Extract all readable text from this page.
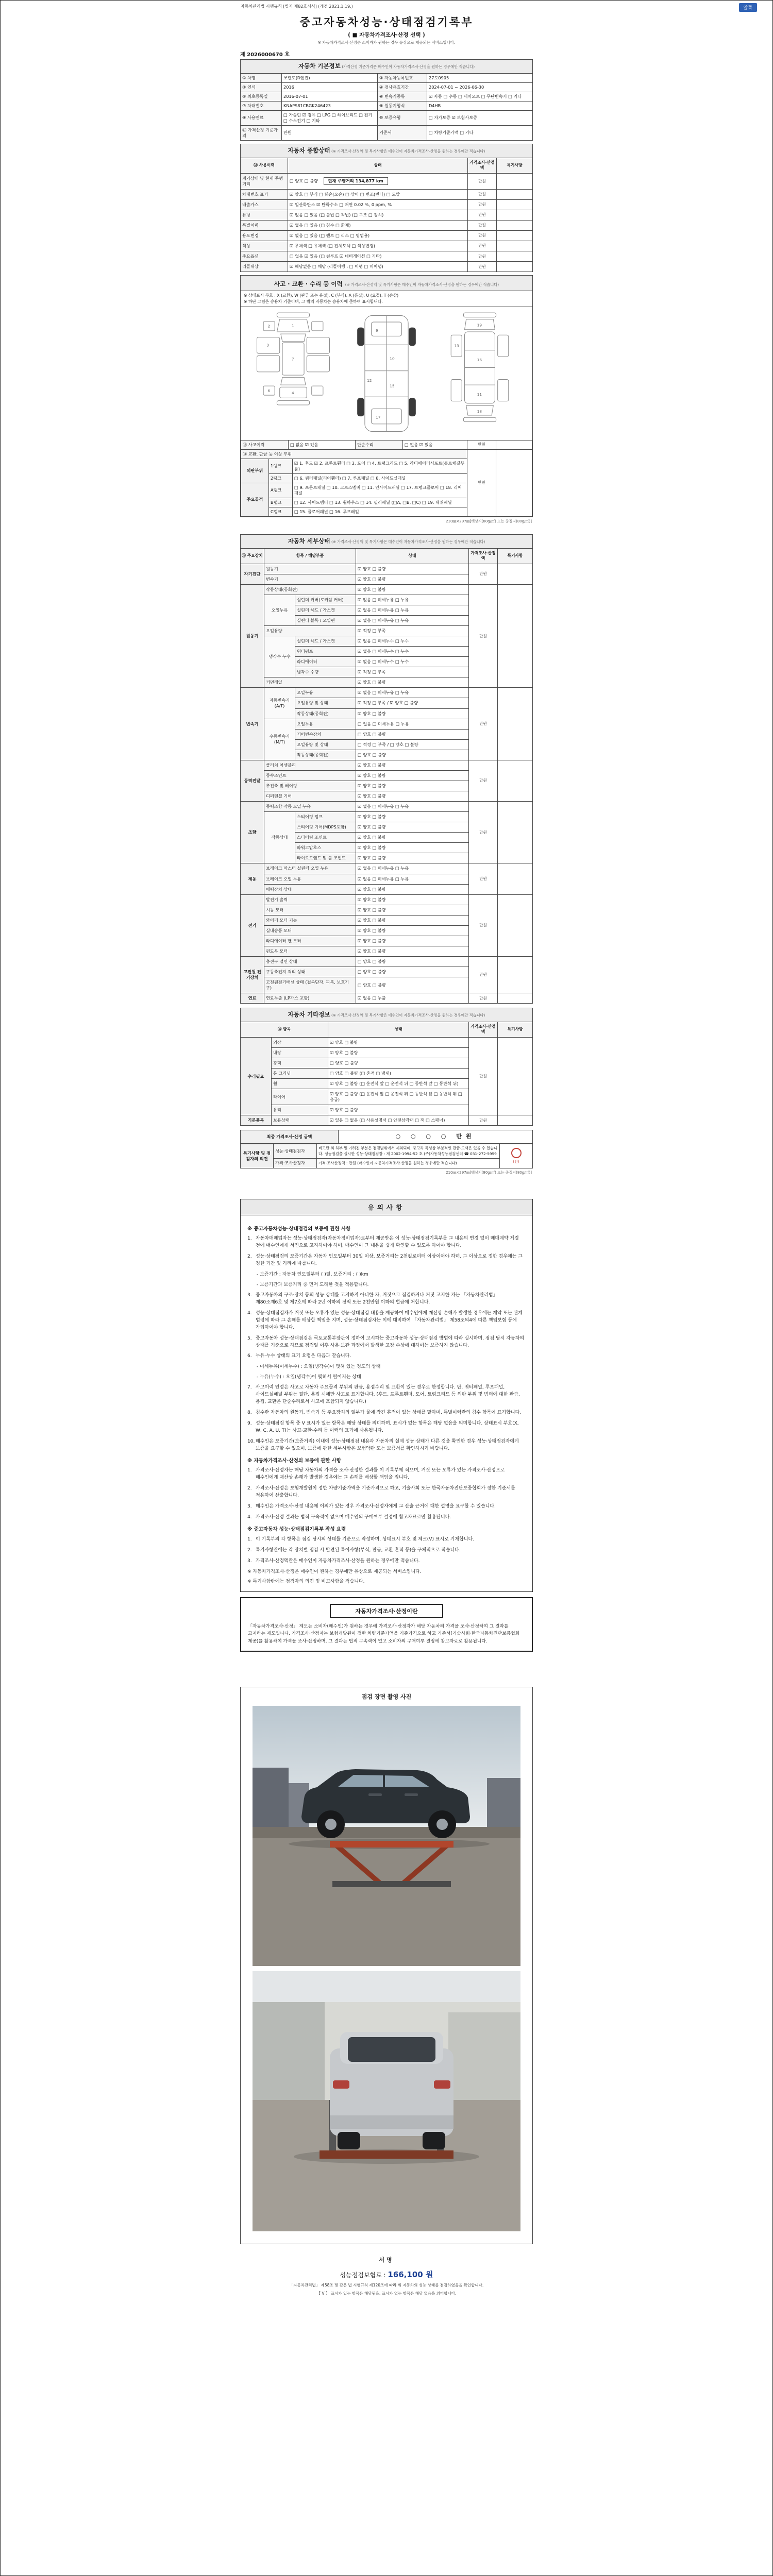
자동차관리법 시행규칙 [별지 제82호서식] (개정 2021.1.19.)	앞쪽
중고자동차성능·상태점검기록부
( ■ 자동차가격조사·산정 선택 )
※ 자동차가격조사·산정은 소비자가 원하는 경우 유상으로 제공되는 서비스입니다.
제 2026000670 호
자동차 기본정보 (가격산정 기준가격은 매수인이 자동차가격조사·산정을 원하는 경우에만 적습니다)			
① 차명	쏘렌토(R엔진)	② 자동차등록번호	27도0905
③ 연식	2016	④ 검사유효기간	2024-07-01 ~ 2026-06-30
⑤ 최초등록일	2016-07-01	⑥ 변속기종류	☑ 자동 □ 수동 □ 세미오토 □ 무단변속기 □ 기타
⑦ 차대번호	KNAPS81CBGK246423	⑧ 원동기형식	D4HB
⑨ 사용연료	□ 가솔린 ☑ 경유 □ LPG □ 하이브리드 □ 전기 □ 수소전기 □ 기타	⑩ 보증유형	□ 자가보증 ☑ 보험사보증
⑪ 가격산정 기준가격	만원	기준서	□ 차량기준가액 □ 기타
자동차 종합상태 (※ 가격조사·산정액 및 특기사항은 매수인이 자동차가격조사·산정을 원하는 경우에만 적습니다)			
⑫ 사용이력	상태	가격조사·산정액	특기사항
계기상태 및 현재 주행거리	□ 양호 □ 불량 현재 주행거리 134,877 km	만원	
차대번호 표기	☑ 양호 □ 부식 □ 훼손(오손) □ 상이 □ 변조(변타) □ 도말	만원	
배출가스	☑ 일산화탄소 ☑ 탄화수소 □ 매연 0.02 %, 0 ppm, %	만원	
튜닝	☑ 없음 □ 있음 (□ 불법 □ 적법) (□ 구조 □ 장치)	만원	
특별이력	☑ 없음 □ 있음 (□ 침수 □ 화재)	만원	
용도변경	☑ 없음 □ 있음 (□ 렌트 □ 리스 □ 영업용)	만원	
색상	☑ 무채색 □ 유채색 (□ 전체도색 □ 색상변경)	만원	
주요옵션	□ 없음 ☑ 있음 (□ 썬루프 ☑ 네비게이션 □ 기타)	만원	
리콜대상	☑ 해당없음 □ 해당 (리콜이행 : □ 이행 □ 미이행)	만원	
사고 · 교환 · 수리 등 이력 (※ 가격조사·산정액 및 특기사항은 매수인이 자동차가격조사·산정을 원하는 경우에만 적습니다)
※ 상태표시 부호 : X (교환), W (판금 또는 용접), C (부식), A (흠집), U (요철), T (손상)
※ 하단 그림은 승용차 기준이며, 그 밖의 자동차는 승용차에 준하여 표시합니다.
1
2
3
7
4
6
9
10
12
15
17
19
13
16
11
18
⑬ 사고이력	□ 없음 ☑ 있음	단순수리	□ 없음 ☑ 있음	만원	
⑭ 교환, 판금 등 이상 부위			만원	
외판부위	1랭크	☑ 1. 후드 ☑ 2. 프론트휀더 □ 3. 도어 □ 4. 트렁크리드 □ 5. 라디에이터서포트(볼트체결부품)		
	2랭크	□ 6. 쿼터패널(리어휀더) □ 7. 루프패널 □ 8. 사이드실패널		
주요골격	A랭크	□ 9. 프론트패널 □ 10. 크로스멤버 □ 11. 인사이드패널 □ 17. 트렁크플로어 □ 18. 리어패널		
	B랭크	□ 12. 사이드멤버 □ 13. 휠하우스 □ 14. 필러패널 (□A, □B, □C) □ 19. 대쉬패널		
	C랭크	□ 15. 플로어패널 □ 16. 루프레일		
210㎜×297㎜[백상지(80g/㎡) 또는 중질지(80g/㎡)]
자동차 세부상태 (※ 가격조사·산정액 및 특기사항은 매수인이 자동차가격조사·산정을 원하는 경우에만 적습니다)					
⑮ 주요장치	항목 / 해당부품		상태	가격조사·산정액	특기사항
자기진단	원동기		☑ 양호 □ 불량	만원	
	변속기		☑ 양호 □ 불량		
원동기	작동상태(공회전)		☑ 양호 □ 불량	만원	
	오일누유	실린더 커버(로커암 커버)	☑ 없음 □ 미세누유 □ 누유		
		실린더 헤드 / 가스켓	☑ 없음 □ 미세누유 □ 누유		
		실린더 블록 / 오일팬	☑ 없음 □ 미세누유 □ 누유		
	오일유량		☑ 적정 □ 부족		
	냉각수 누수	실린더 헤드 / 가스켓	☑ 없음 □ 미세누수 □ 누수		
		워터펌프	☑ 없음 □ 미세누수 □ 누수		
		라디에이터	☑ 없음 □ 미세누수 □ 누수		
		냉각수 수량	☑ 적정 □ 부족		
	커먼레일		☑ 양호 □ 불량		
변속기	자동변속기 (A/T)	오일누유	☑ 없음 □ 미세누유 □ 누유	만원	
		오일유량 및 상태	☑ 적정 □ 부족 / ☑ 양호 □ 불량		
		작동상태(공회전)	☑ 양호 □ 불량		
	수동변속기 (M/T)	오일누유	□ 없음 □ 미세누유 □ 누유		
		기어변속장치	□ 양호 □ 불량		
		오일유량 및 상태	□ 적정 □ 부족 / □ 양호 □ 불량		
		작동상태(공회전)	□ 양호 □ 불량		
동력전달	클러치 어셈블리		☑ 양호 □ 불량	만원	
	등속조인트		☑ 양호 □ 불량		
	추진축 및 베어링		☑ 양호 □ 불량		
	디퍼렌셜 기어		☑ 양호 □ 불량		
조향	동력조향 작동 오일 누유		☑ 없음 □ 미세누유 □ 누유	만원	
	작동상태	스티어링 펌프	☑ 양호 □ 불량		
		스티어링 기어(MDPS포함)	☑ 양호 □ 불량		
		스티어링 조인트	☑ 양호 □ 불량		
		파워고압호스	☑ 양호 □ 불량		
		타이로드엔드 및 볼 조인트	☑ 양호 □ 불량		
제동	브레이크 마스터 실린더 오일 누유		☑ 없음 □ 미세누유 □ 누유	만원	
	브레이크 오일 누유		☑ 없음 □ 미세누유 □ 누유		
	배력장치 상태		☑ 양호 □ 불량		
전기	발전기 출력		☑ 양호 □ 불량	만원	
	시동 모터		☑ 양호 □ 불량		
	와이퍼 모터 기능		☑ 양호 □ 불량		
	실내송풍 모터		☑ 양호 □ 불량		
	라디에이터 팬 모터		☑ 양호 □ 불량		
	윈도우 모터		☑ 양호 □ 불량		
고전원 전기장치	충전구 절연 상태		□ 양호 □ 불량	만원	
	구동축전지 격리 상태		□ 양호 □ 불량		
	고전원전기배선 상태 (접속단자, 피복, 보호기구)		□ 양호 □ 불량		
연료	연료누출 (LP가스 포함)		☑ 없음 □ 누출	만원	
자동차 기타정보 (※ 가격조사·산정액 및 특기사항은 매수인이 자동차가격조사·산정을 원하는 경우에만 적습니다)				
⑯ 항목		상태	가격조사·산정액	특기사항
수리필요	외장	☑ 양호 □ 불량	만원	
	내장	☑ 양호 □ 불량		
	광택	□ 양호 □ 불량		
	룸 크리닝	□ 양호 □ 불량 (□ 흔적 □ 냄새)		
	휠	☑ 양호 □ 불량 (□ 운전석 앞 □ 운전석 뒤 □ 동반석 앞 □ 동반석 뒤)		
	타이어	☑ 양호 □ 불량 (□ 운전석 앞 □ 운전석 뒤 □ 동반석 앞 □ 동반석 뒤 □ 응급)		
	유리	☑ 양호 □ 불량		
기본품목	보유상태	☑ 있음 □ 없음 (□ 사용설명서 □ 안전삼각대 □ 잭 □ 스패너)	만원	
최종 가격조사·산정 금액	○ ○ ○ ○ 만원
특기사항 및 점검자의 의견	성능·상태점검자	비고란 외 하부 및 가려진 부분은 점검범위에서 제외되며, 중고차 특성상 부분적인 판금·도색은 있을 수 있습니다. 성능점검을 실시한 성능·상태점검장 : 제 2002-1994-52 호 (주)자동차성능점검센터 ☎ 031-272-5959	(인)

	가격·조사산정자	가격·조사산정액 : 만원 (매수인이 자동차가격조사·산정을 원하는 경우에만 적습니다)	
210㎜×297㎜[백상지(80g/㎡) 또는 중질지(80g/㎡)]
유의사항
※ 중고자동차성능·상태점검의 보증에 관한 사항
1. 자동차매매업자는 성능·상태점검자(자동차정비업자)로부터 제공받은 이 성능·상태점검기록부를 그 내용의 변경 없이 매매계약 체결 전에 매수인에게 서면으로 고지하여야 하며, 매수인이 그 내용을 쉽게 확인할 수 있도록 하여야 합니다.
2. 성능·상태점검의 보증기간은 자동차 인도일부터 30일 이상, 보증거리는 2천킬로미터 이상이어야 하며, 그 이상으로 정한 경우에는 그 정한 기간 및 거리에 따릅니다.
- 보증기간 : 자동차 인도일부터 ( )일, 보증거리 : ( )km
- 보증기간과 보증거리 중 먼저 도래한 것을 적용합니다.
3. 중고자동차의 구조·장치 등의 성능·상태를 고지하지 아니한 자, 거짓으로 점검하거나 거짓 고지한 자는 「자동차관리법」 제80조제6호 및 제7호에 따라 2년 이하의 징역 또는 2천만원 이하의 벌금에 처합니다.
4. 성능·상태점검자가 거짓 또는 오류가 있는 성능·상태점검 내용을 제공하여 매수인에게 재산상 손해가 발생한 경우에는 계약 또는 관계 법령에 따라 그 손해를 배상할 책임을 지며, 성능·상태점검자는 이에 대비하여 「자동차관리법」 제58조의4에 따른 책임보험 등에 가입하여야 합니다.
5. 중고자동차 성능·상태점검은 국토교통부장관이 정하여 고시하는 중고자동차 성능·상태점검 방법에 따라 실시하며, 점검 당시 자동차의 상태를 기준으로 하므로 점검일 이후 사용·보관 과정에서 발생한 고장·손상에 대하여는 보증하지 않습니다.
6. 누유·누수 상태의 표기 요령은 다음과 같습니다.
- 미세누유(미세누수) : 오일(냉각수)이 맺혀 있는 정도의 상태
- 누유(누수) : 오일(냉각수)이 맺혀서 떨어지는 상태
7. 사고이력 인정은 사고로 자동차 주요골격 부위의 판금, 용접수리 및 교환이 있는 경우로 한정합니다. 단, 쿼터패널, 루프패널, 사이드실패널 부위는 절단, 용접 시에만 사고로 표기합니다. (후드, 프론트휀더, 도어, 트렁크리드 등 외판 부위 및 범퍼에 대한 판금, 용접, 교환은 단순수리로서 사고에 포함되지 않습니다.)
8. 침수란 자동차의 원동기, 변속기 등 주요장치의 일부가 물에 잠긴 흔적이 있는 상태를 말하며, 특별이력란의 침수 항목에 표기합니다.
9. 성능·상태점검 항목 중 V 표시가 있는 항목은 해당 상태를 의미하며, 표시가 없는 항목은 해당 없음을 의미합니다. 상태표시 부호(X, W, C, A, U, T)는 사고·교환·수리 등 이력의 표기에 사용됩니다.
10. 매수인은 보증기간(보증거리) 이내에 성능·상태점검 내용과 자동차의 실제 성능·상태가 다른 것을 확인한 경우 성능·상태점검자에게 보증을 요구할 수 있으며, 보증에 관한 세부사항은 보험약관 또는 보증서를 확인하시기 바랍니다.
※ 자동차가격조사·산정의 보증에 관한 사항
1. 가격조사·산정자는 해당 자동차의 가격을 조사·산정한 결과를 이 기록부에 적으며, 거짓 또는 오류가 있는 가격조사·산정으로 매수인에게 재산상 손해가 발생한 경우에는 그 손해를 배상할 책임을 집니다.
2. 가격조사·산정은 보험개발원이 정한 차량기준가액을 기준가격으로 하고, 기술사회 또는 한국자동차진단보증협회가 정한 기준서를 적용하여 산출합니다.
3. 매수인은 가격조사·산정 내용에 이의가 있는 경우 가격조사·산정자에게 그 산출 근거에 대한 설명을 요구할 수 있습니다.
4. 가격조사·산정 결과는 법적 구속력이 없으며 매수인의 구매여부 결정에 참고자료로만 활용됩니다.
※ 중고자동차 성능·상태점검기록부 작성 요령
1. 이 기록부의 각 항목은 점검 당시의 상태를 기준으로 작성하며, 상태표시 부호 및 체크(V) 표시로 기재합니다.
2. 특기사항란에는 각 장치별 점검 시 발견된 특이사항(부식, 판금, 교환 흔적 등)을 구체적으로 적습니다.
3. 가격조사·산정액란은 매수인이 자동차가격조사·산정을 원하는 경우에만 적습니다.
※ 자동차가격조사·산정은 매수인이 원하는 경우에만 유상으로 제공되는 서비스입니다.
※ 특기사항란에는 점검자의 의견 및 비고사항을 적습니다.
자동차가격조사·산정이란
「자동차가격조사·산정」 제도는 소비자(매수인)가 원하는 경우에 가격조사·산정자가 해당 자동차의 가격을 조사·산정하여 그 결과를 고지하는 제도입니다. 가격조사·산정자는 보험개발원이 정한 차량기준가액을 기준가격으로 하고 기준서(기술사회·한국자동차진단보증협회 제공)를 활용하여 가격을 조사·산정하며, 그 결과는 법적 구속력이 없고 소비자의 구매여부 결정에 참고자료로 활용됩니다.
점검 장면 촬영 사진
서명
성능점검보험료 : 166,100 원
「자동차관리법」 제58조 및 같은 법 시행규칙 제120조에 따라 위 자동차의 성능·상태를 점검하였음을 확인합니다.
【 V 】 표시가 있는 항목은 해당됨을, 표시가 없는 항목은 해당 없음을 의미합니다.
